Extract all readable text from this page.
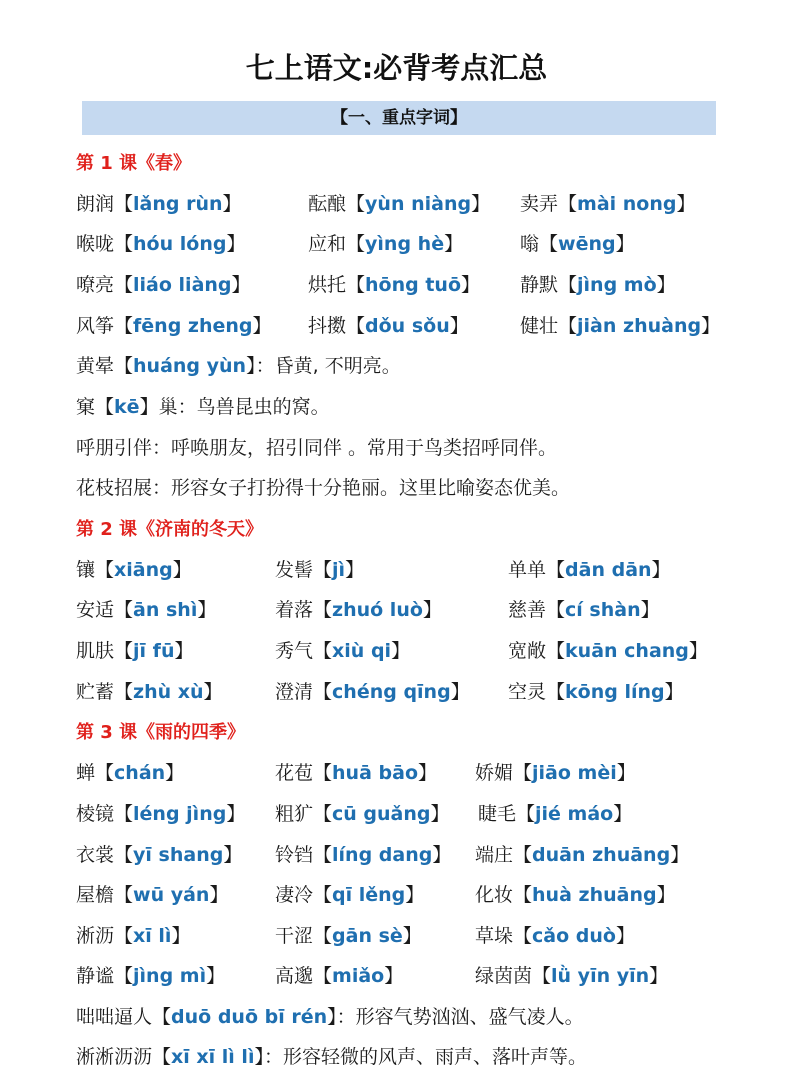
七上语文:必背考点汇总
【一、重点字词】
第 1 课《春》
朗润【lǎng rùn】	酝酿【yùn niàng】 卖弄【mài nong】
喉咙【hóu lóng】	应和【yìng hè】	嗡【wēng】
嘹亮【liáo liàng】	烘托【hōng tuō】 静默【jìng mò】
风筝【fēng zheng】 抖擞【dǒu sǒu】	健壮【jiàn zhuàng】
黄晕【huáng yùn】：昏黄, 不明亮。
窠【kē】巢：鸟兽昆虫的窝。
呼朋引伴：呼唤朋友，招引同伴 。常用于鸟类招呼同伴。
花枝招展：形容女子打扮得十分艳丽。这里比喻姿态优美。
第 2 课《济南的冬天》
镶【xiāng】	发髻【jì】	单单【dān dān】
安适【ān shì】	着落【zhuó luò】	慈善【cí shàn】
肌肤【jī fū】	秀气【xiù qi】	宽敞【kuān chang】
贮蓄【zhù xù】	澄清【chéng qīng】 空灵【kōng líng】
第 3 课《雨的四季》
蝉【chán】	花苞【huā bāo】 娇媚【jiāo mèi】
棱镜【léng jìng】 粗犷【cū guǎng】 睫毛【jié máo】
衣裳【yī shang】 铃铛【líng dang】 端庄【duān zhuāng】
屋檐【wū yán】 凄冷【qī lěng】	化妆【huà zhuāng】
淅沥【xī lì】	干涩【gān sè】	草垛【cǎo duò】
静谧【jìng mì】	高邈【miǎo】	绿茵茵【lǜ yīn yīn】
咄咄逼人【duō duō bī rén】：形容气势汹汹、盛气凌人。
淅淅沥沥【xī xī lì lì】：形容轻微的风声、雨声、落叶声等。
